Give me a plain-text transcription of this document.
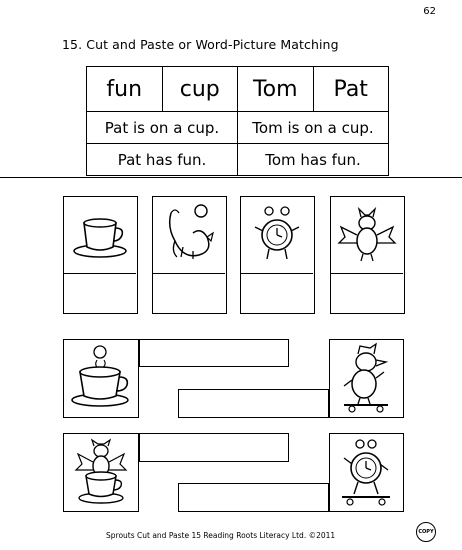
62
15. Cut and Paste or Word-Picture Matching
fun	cup	Tom	Pat
Pat is on a cup.		Tom is on a cup.	
Pat has fun.		Tom has fun.	
Sprouts Cut and Paste 15 Reading Roots Literacy Ltd. ©2011	COPY
